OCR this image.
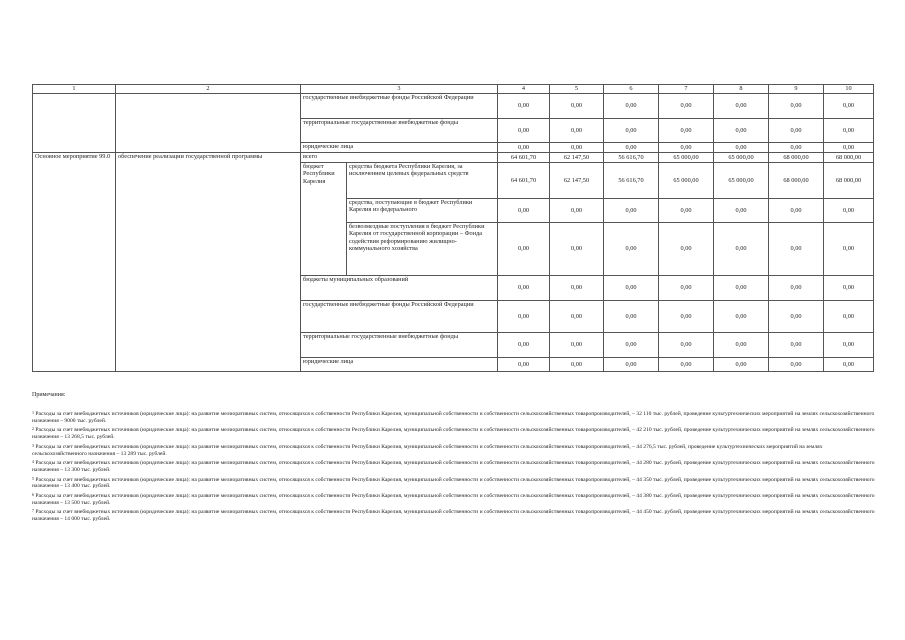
1	2	3		4	5	6	7	8	9	10
		государственные внебюджетные фонды Российской Федерации		0,00	0,00	0,00	0,00	0,00	0,00	0,00
		территориальные государственные внебюджетные фонды		0,00	0,00	0,00	0,00	0,00	0,00	0,00
		юридические лица		0,00	0,00	0,00	0,00	0,00	0,00	0,00
Основное мероприятие 99.0	обеспечение реализации государственной программы	всего		64 601,70	62 147,50	56 616,70	65 000,00	65 000,00	68 000,00	68 000,00
		бюджет Республики Карелия	средства бюджета Республики Карелия, за исключением целевых федеральных средств	64 601,70	62 147,50	56 616,70	65 000,00	65 000,00	68 000,00	68 000,00
			средства, поступающие в бюджет Республики Карелия из федерального	0,00	0,00	0,00	0,00	0,00	0,00	0,00
			безвозмездные поступления в бюджет Республики Карелия от государственной корпорации – Фонда содействия реформированию жилищно-коммунального хозяйства	0,00	0,00	0,00	0,00	0,00	0,00	0,00
		бюджеты муниципальных образований		0,00	0,00	0,00	0,00	0,00	0,00	0,00
		государственные внебюджетные фонды Российской Федерации		0,00	0,00	0,00	0,00	0,00	0,00	0,00
		территориальные государственные внебюджетные фонды		0,00	0,00	0,00	0,00	0,00	0,00	0,00
		юридические лица		0,00	0,00	0,00	0,00	0,00	0,00	0,00
Примечания:
$^1$ Расходы за счет внебюджетных источников (юридические лица): на развитие мелиоративных систем, относящихся к собственности Республики Карелия, муниципальной собственности и собственности сельскохозяйственных товаропроизводителей, – 32 110 тыс. рублей, проведение культуртехнических мероприятий на землях сельскохозяйственного назначения – 9000 тыс. рублей.
$^2$ Расходы за счет внебюджетных источников (юридические лица): на развитие мелиоративных систем, относящихся к собственности Республики Карелия, муниципальной собственности и собственности сельскохозяйственных товаропроизводителей, – 42 210 тыс. рублей, проведение культуртехнических мероприятий на землях сельскохозяйственного назначения – 13 268,5 тыс. рублей.
$^3$ Расходы за счет внебюджетных источников (юридические лица): на развитие мелиоративных систем, относящихся к собственности Республики Карелия, муниципальной собственности и собственности сельскохозяйственных товаропроизводителей, – 44 276,5 тыс. рублей, проведение культуртехнических мероприятий на землях сельскохозяйственного назначения – 13 289 тыс. рублей.
$^4$ Расходы за счет внебюджетных источников (юридические лица): на развитие мелиоративных систем, относящихся к собственности Республики Карелия, муниципальной собственности и собственности сельскохозяйственных товаропроизводителей, – 44 280 тыс. рублей, проведение культуртехнических мероприятий на землях сельскохозяйственного назначения – 13 300 тыс. рублей.
$^5$ Расходы за счет внебюджетных источников (юридические лица): на развитие мелиоративных систем, относящихся к собственности Республики Карелия, муниципальной собственности и собственности сельскохозяйственных товаропроизводителей, – 44 350 тыс. рублей, проведение культуртехнических мероприятий на землях сельскохозяйственного назначения – 13 400 тыс. рублей.
$^6$ Расходы за счет внебюджетных источников (юридические лица): на развитие мелиоративных систем, относящихся к собственности Республики Карелия, муниципальной собственности и собственности сельскохозяйственных товаропроизводителей, – 44 380 тыс. рублей, проведение культуртехнических мероприятий на землях сельскохозяйственного назначения – 13 500 тыс. рублей.
$^7$ Расходы за счет внебюджетных источников (юридические лица): на развитие мелиоративных систем, относящихся к собственности Республики Карелия, муниципальной собственности и собственности сельскохозяйственных товаропроизводителей, – 44 450 тыс. рублей, проведение культуртехнических мероприятий на землях сельскохозяйственного назначения – 14 000 тыс. рублей.
